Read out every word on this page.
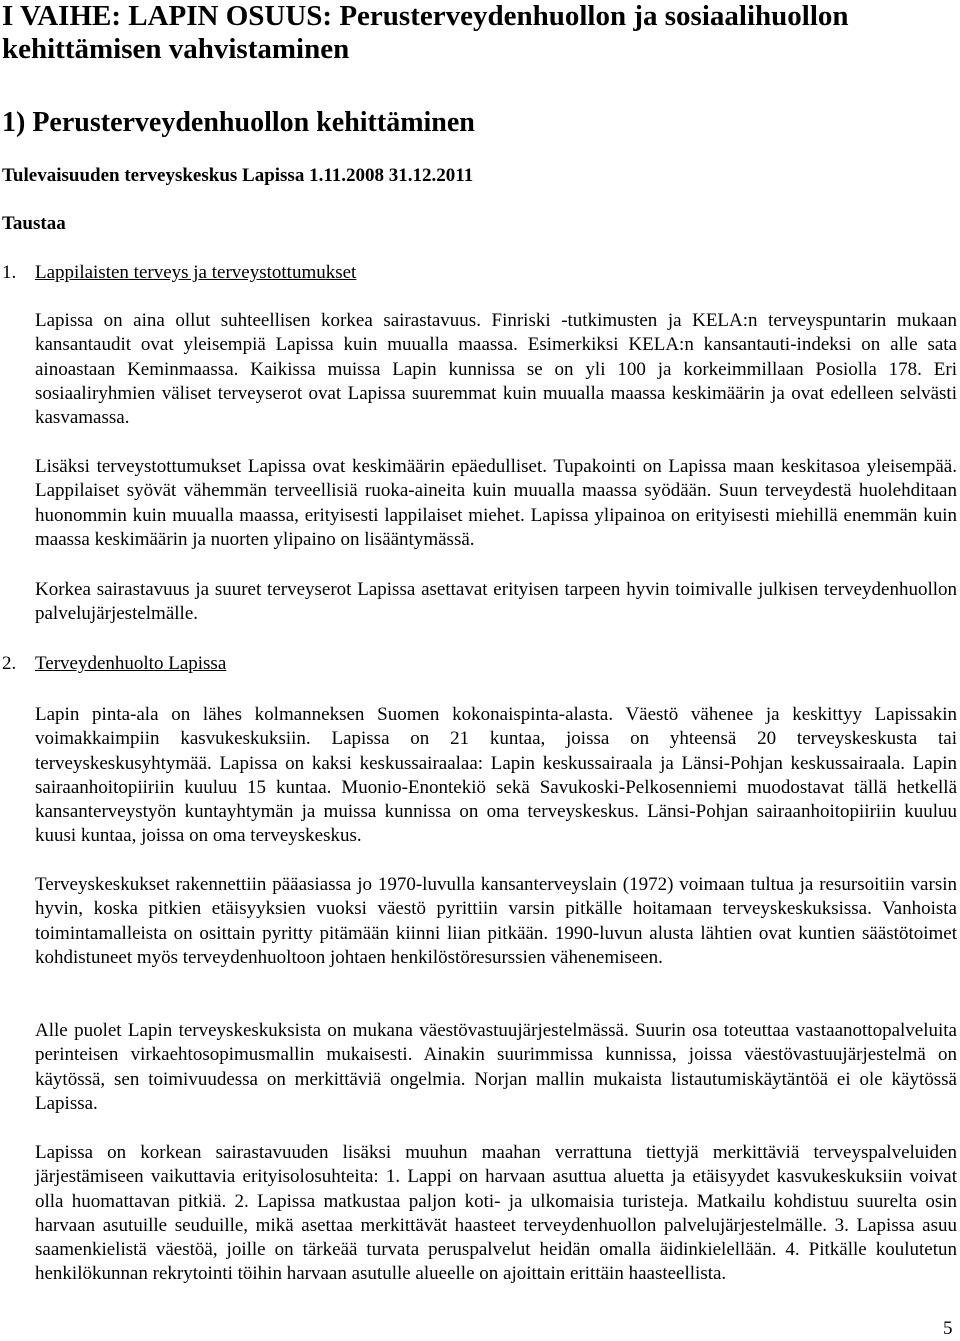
I VAIHE: LAPIN OSUUS: Perusterveydenhuollon ja sosiaalihuollon kehittämisen vahvistaminen
1) Perusterveydenhuollon kehittäminen
Tulevaisuuden terveyskeskus Lapissa 1.11.2008 31.12.2011
Taustaa
1. Lappilaisten terveys ja terveystottumukset

Lapissa on aina ollut suhteellisen korkea sairastavuus. Finriski -tutkimusten ja KELA:n terveyspuntarin mukaan kansantaudit ovat yleisempiä Lapissa kuin muualla maassa. Esimerkiksi KELA:n kansantauti-indeksi on alle sata ainoastaan Keminmaassa. Kaikissa muissa Lapin kunnissa se on yli 100 ja korkeimmillaan Posiolla 178. Eri sosiaaliryhmien väliset terveyserot ovat Lapissa suuremmat kuin muualla maassa keskimäärin ja ovat edelleen selvästi kasvamassa.

Lisäksi terveystottumukset Lapissa ovat keskimäärin epäedulliset. Tupakointi on Lapissa maan keskitasoa yleisempää. Lappilaiset syövät vähemmän terveellisiä ruoka-aineita kuin muualla maassa syödään. Suun terveydestä huolehditaan huonommin kuin muualla maassa, erityisesti lappilaiset miehet. Lapissa ylipainoa on erityisesti miehillä enemmän kuin maassa keskimäärin ja nuorten ylipaino on lisääntymässä.

Korkea sairastavuus ja suuret terveyserot Lapissa asettavat erityisen tarpeen hyvin toimivalle julkisen terveydenhuollon palvelujärjestelmälle.

2. Terveydenhuolto Lapissa

Lapin pinta-ala on lähes kolmanneksen Suomen kokonaispinta-alasta. Väestö vähenee ja keskittyy Lapissakin voimakkaimpiin kasvukeskuksiin. Lapissa on 21 kuntaa, joissa on yhteensä 20 terveyskeskusta tai terveyskeskusyhtymää. Lapissa on kaksi keskussairaalaa: Lapin keskussairaala ja Länsi-Pohjan keskussairaala. Lapin sairaanhoitopiiriin kuuluu 15 kuntaa. Muonio-Enontekiö sekä Savukoski-Pelkosenniemi muodostavat tällä hetkellä kansanterveystyön kuntayhtymän ja muissa kunnissa on oma terveyskeskus. Länsi-Pohjan sairaanhoitopiiriin kuuluu kuusi kuntaa, joissa on oma terveyskeskus.

Terveyskeskukset rakennettiin pääasiassa jo 1970-luvulla kansanterveyslain (1972) voimaan tultua ja resursoitiin varsin hyvin, koska pitkien etäisyyksien vuoksi väestö pyrittiin varsin pitkälle hoitamaan terveyskeskuksissa. Vanhoista toimintamalleista on osittain pyritty pitämään kiinni liian pitkään. 1990-luvun alusta lähtien ovat kuntien säästötoimet kohdistuneet myös terveydenhuoltoon johtaen henkilöstöresurssien vähenemiseen.

Alle puolet Lapin terveyskeskuksista on mukana väestövastuujärjestelmässä. Suurin osa toteuttaa vastaanottopalveluita perinteisen virkaehtosopimusmallin mukaisesti. Ainakin suurimmissa kunnissa, joissa väestövastuujärjestelmä on käytössä, sen toimivuudessa on merkittäviä ongelmia. Norjan mallin mukaista listautumiskäytäntöä ei ole käytössä Lapissa.

Lapissa on korkean sairastavuuden lisäksi muuhun maahan verrattuna tiettyjä merkittäviä terveyspalveluiden järjestämiseen vaikuttavia erityisolosuhteita: 1. Lappi on harvaan asuttua aluetta ja etäisyydet kasvukeskuksiin voivat olla huomattavan pitkiä. 2. Lapissa matkustaa paljon koti- ja ulkomaisia turisteja. Matkailu kohdistuu suurelta osin harvaan asutuille seuduille, mikä asettaa merkittävät haasteet terveydenhuollon palvelujärjestelmälle. 3. Lapissa asuu saamenkielistä väestöä, joille on tärkeää turvata peruspalvelut heidän omalla äidinkielellään. 4. Pitkälle koulutetun henkilökunnan rekrytointi töihin harvaan asutulle alueelle on ajoittain erittäin haasteellista.

5
